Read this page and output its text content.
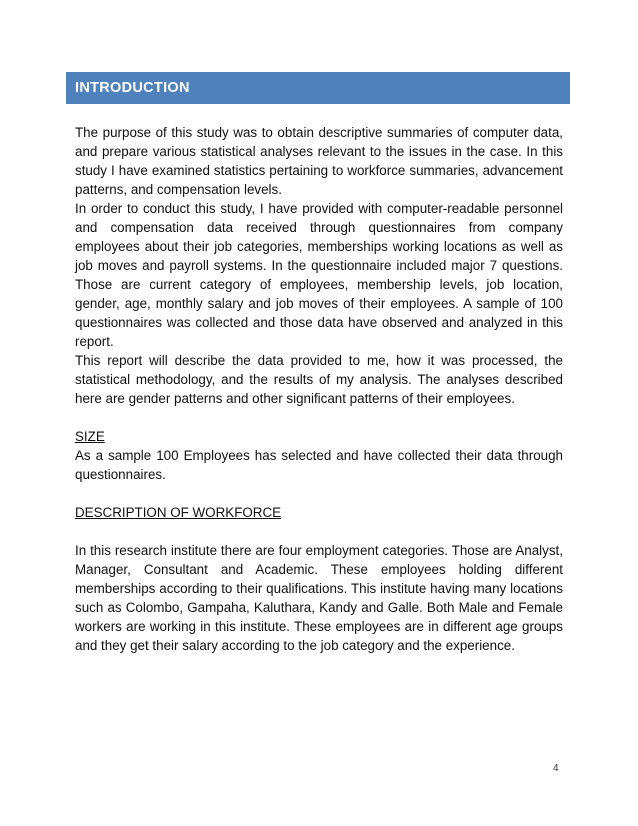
INTRODUCTION

The purpose of this study was to obtain descriptive summaries of computer data, and prepare various statistical analyses relevant to the issues in the case. In this study I have examined statistics pertaining to workforce summaries, advancement patterns, and compensation levels.

In order to conduct this study, I have provided with computer-readable personnel and compensation data received through questionnaires from company employees about their job categories, memberships working locations as well as job moves and payroll systems. In the questionnaire included major 7 questions. Those are current category of employees, membership levels, job location, gender, age, monthly salary and job moves of their employees. A sample of 100 questionnaires was collected and those data have observed and analyzed in this report.

This report will describe the data provided to me, how it was processed, the statistical methodology, and the results of my analysis. The analyses described here are gender patterns and other significant patterns of their employees.

SIZE

As a sample 100 Employees has selected and have collected their data through questionnaires.

DESCRIPTION OF WORKFORCE

In this research institute there are four employment categories. Those are Analyst, Manager, Consultant and Academic. These employees holding different memberships according to their qualifications. This institute having many locations such as Colombo, Gampaha, Kaluthara, Kandy and Galle. Both Male and Female workers are working in this institute. These employees are in different age groups and they get their salary according to the job category and the experience.

4
